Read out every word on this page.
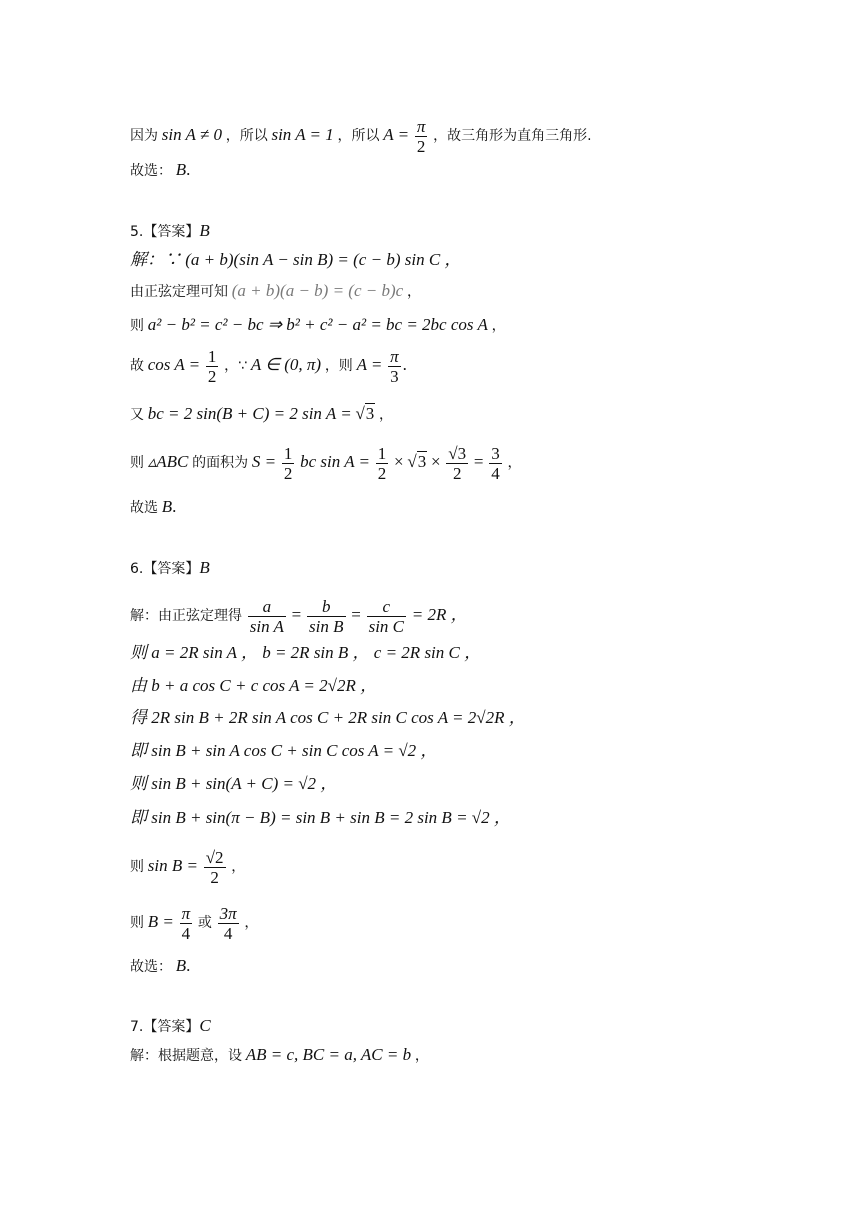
因为 sin A ≠ 0 ，所以 sin A = 1 ，所以 $A = \frac{\pi}{2}$ ，故三角形为直角三角形.
故选： B.
5.【答案】B
解：∵ (a + b)(sin A − sin B) = (c − b) sin C ，
由正弦定理可知 (a + b)(a − b) = (c − b)c ，
则 a² − b² = c² − bc ⇒ b² + c² − a² = bc = 2bc cos A ，
故 $\cos A = \frac{1}{2}$ ，∵ A ∈ (0, π) ，则 $A = \frac{\pi}{3}$ .
又 bc = 2 sin(B + C) = 2 sin A = √3 ，
则 ▵ABC 的面积为 $S = \frac{1}{2}$ bc $\sin A = \frac{1}{2} \times √3 \times \frac{√3}{2} = \frac{3}{4}$ ，
故选 B.
6.【答案】B
解：由正弦定理得 $\frac{a}{\text{sin A}} = \frac{b}{\text{sin B}} = \frac{c}{\text{sin C}} = 2R$ ，
则 a = 2R sin A ， b = 2R sin B ， c = 2R sin C ，
由 b + a cos C + c cos A = 2√2R ，
得 2R sin B + 2R sin A cos C + 2R sin C cos A = 2√2R ，
即 sin B + sin A cos C + sin C cos A = √2 ，
则 sin B + sin(A + C) = √2 ，
即 sin B + sin(π − B) = sin B + sin B = 2 sin B = √2 ，
则 $\sin B = \frac{√2}{2}$ ，
则 $B = \frac{\pi}{4}$ 或 $\frac{3\pi}{4}$ ，
故选： B.
7.【答案】C
解：根据题意，设 AB = c, BC = a, AC = b ，
